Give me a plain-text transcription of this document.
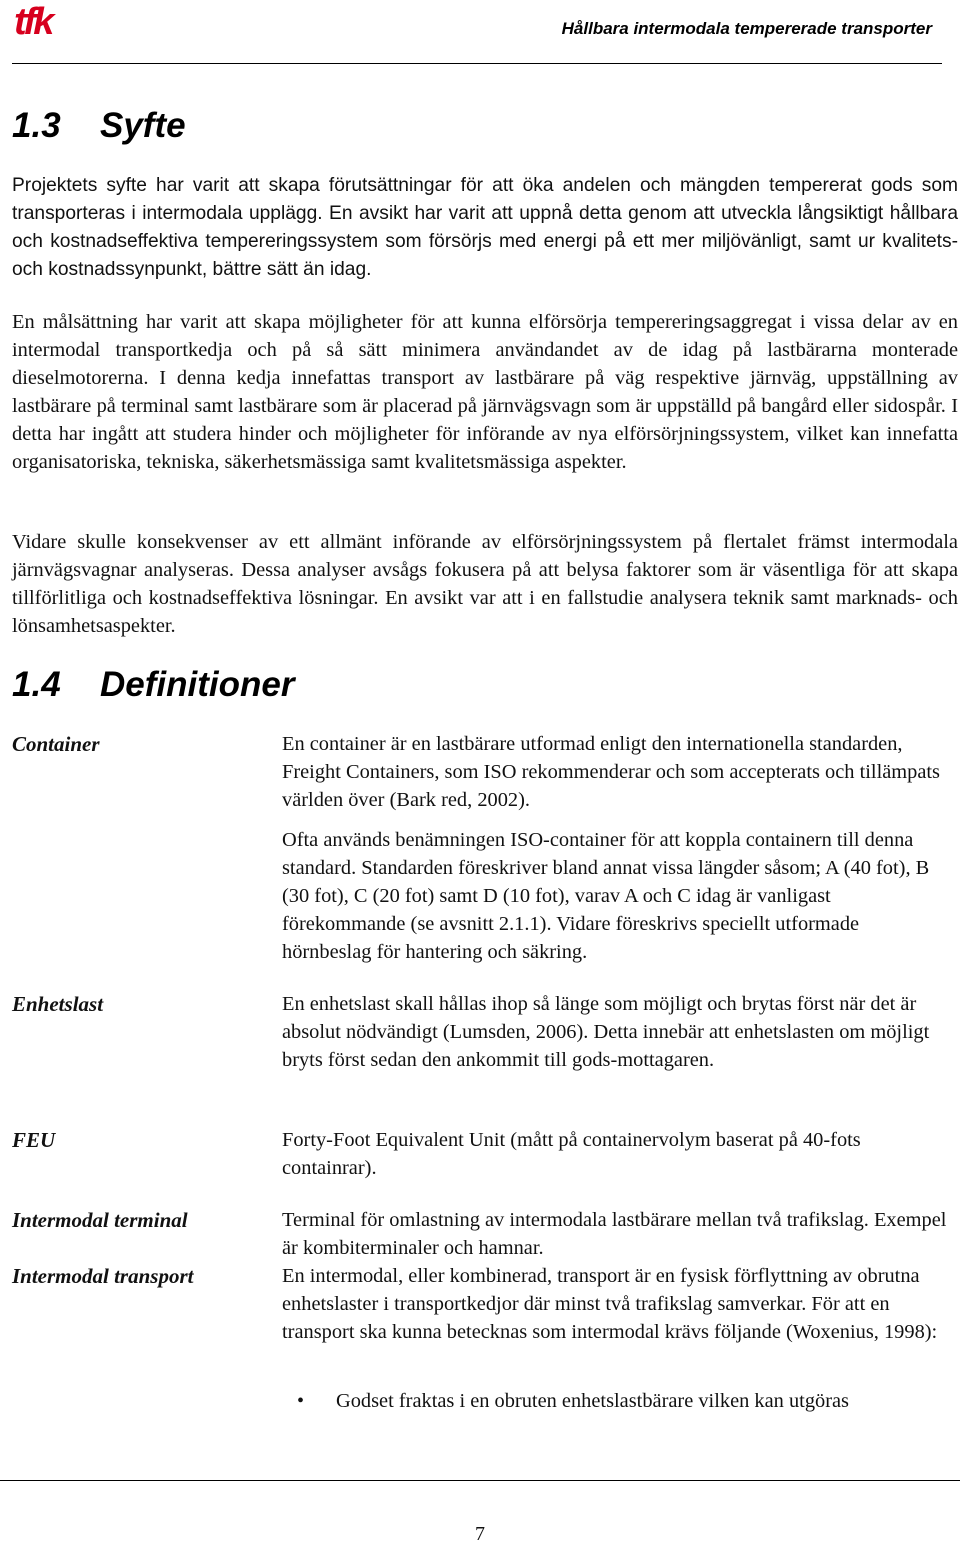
tfk	Hållbara intermodala tempererade transporter
1.3 Syfte

Projektets syfte har varit att skapa förutsättningar för att öka andelen och mängden tempererat gods som transporteras i intermodala upplägg. En avsikt har varit att uppnå detta genom att utveckla långsiktigt hållbara och kostnadseffektiva tempereringssystem som försörjs med energi på ett mer miljövänligt, samt ur kvalitets- och kostnadssynpunkt, bättre sätt än idag.

En målsättning har varit att skapa möjligheter för att kunna elförsörja tempereringsaggregat i vissa delar av en intermodal transportkedja och på så sätt minimera användandet av de idag på lastbärarna monterade dieselmotorerna. I denna kedja innefattas transport av lastbärare på väg respektive järnväg, uppställning av lastbärare på terminal samt lastbärare som är placerad på järnvägsvagn som är uppställd på bangård eller sidospår. I detta har ingått att studera hinder och möjligheter för införande av nya elförsörjningssystem, vilket kan innefatta organisatoriska, tekniska, säkerhetsmässiga samt kvalitetsmässiga aspekter.

Vidare skulle konsekvenser av ett allmänt införande av elförsörjningssystem på flertalet främst intermodala järnvägsvagnar analyseras. Dessa analyser avsågs fokusera på att belysa faktorer som är väsentliga för att skapa tillförlitliga och kostnadseffektiva lösningar. En avsikt var att i en fallstudie analysera teknik samt marknads- och lönsamhetsaspekter.

1.4 Definitioner

Container	En container är en lastbärare utformad enligt den internationella standarden, Freight Containers, som ISO rekommenderar och som accepterats och tillämpats världen över (Bark red, 2002).

Ofta används benämningen ISO-container för att koppla containern till denna standard. Standarden föreskriver bland annat vissa längder såsom; A (40 fot), B (30 fot), C (20 fot) samt D (10 fot), varav A och C idag är vanligast förekommande (se avsnitt 2.1.1). Vidare föreskrivs speciellt utformade hörnbeslag för hantering och säkring.

Enhetslast	En enhetslast skall hållas ihop så länge som möjligt och brytas först när det är absolut nödvändigt (Lumsden, 2006). Detta innebär att enhetslasten om möjligt bryts först sedan den ankommit till gods-mottagaren.

FEU	Forty-Foot Equivalent Unit (mått på containervolym baserat på 40-fots containrar).

Intermodal terminal	Terminal för omlastning av intermodala lastbärare mellan två trafikslag. Exempel är kombiterminaler och hamnar.

Intermodal transport	En intermodal, eller kombinerad, transport är en fysisk förflyttning av obrutna enhetslaster i transportkedjor där minst två trafikslag samverkar. För att en transport ska kunna betecknas som intermodal krävs följande (Woxenius, 1998):

• Godset fraktas i en obruten enhetslastbärare vilken kan utgöras

7
